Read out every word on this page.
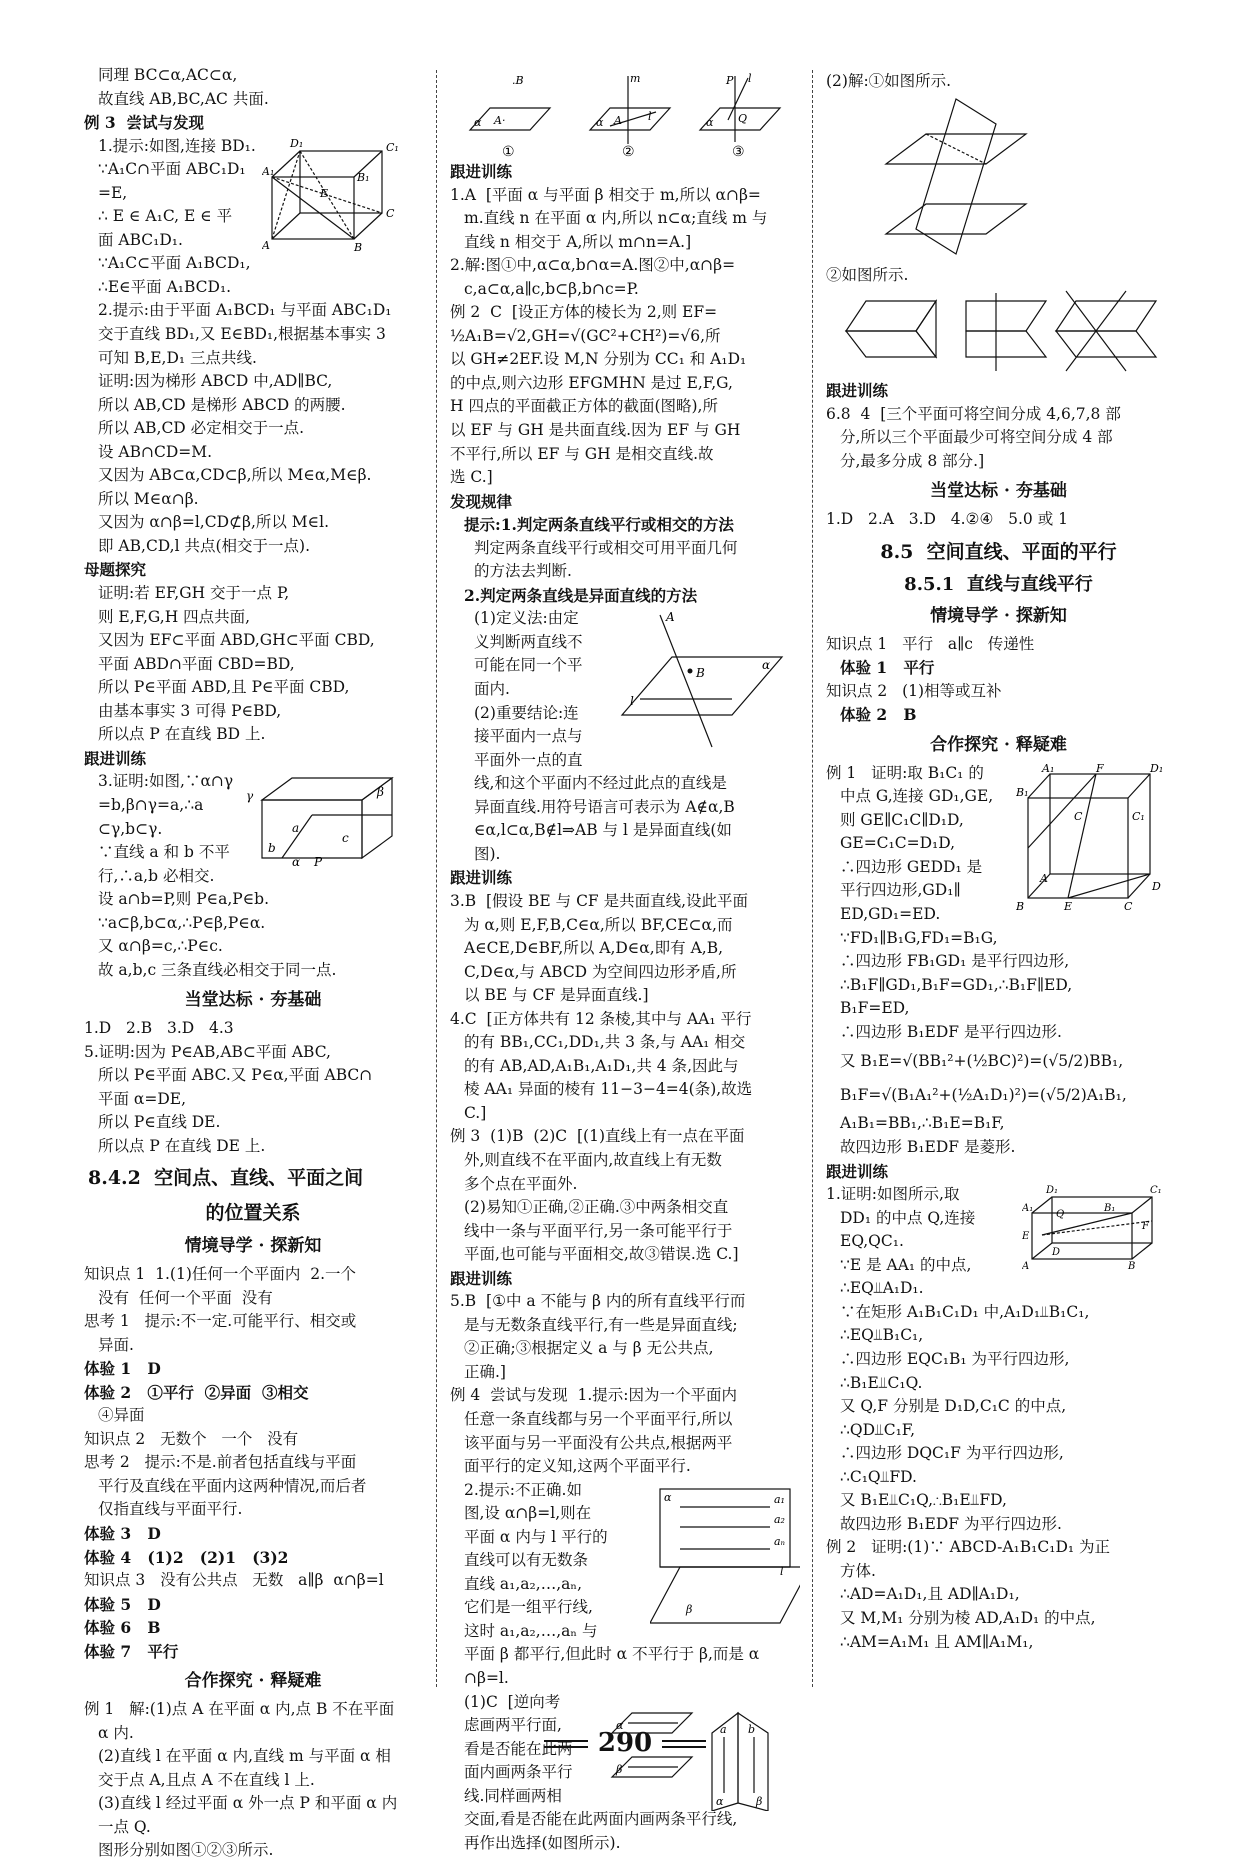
同理 BC⊂α,AC⊂α,

故直线 AB,BC,AC 共面.

例 3  尝试与发现

D₁	C₁
A₁	B₁
E
C
A	B

1.提示:如图,连接 BD₁.

∵A₁C∩平面 ABC₁D₁

=E,

∴ E ∈ A₁C, E ∈ 平

面 ABC₁D₁.

∵A₁C⊂平面 A₁BCD₁,

∴E∈平面 A₁BCD₁.

2.提示:由于平面 A₁BCD₁ 与平面 ABC₁D₁

交于直线 BD₁,又 E∈BD₁,根据基本事实 3

可知 B,E,D₁ 三点共线.

证明:因为梯形 ABCD 中,AD∥BC,

所以 AB,CD 是梯形 ABCD 的两腰.

所以 AB,CD 必定相交于一点.

设 AB∩CD=M.

又因为 AB⊂α,CD⊂β,所以 M∈α,M∈β.

所以 M∈α∩β.

又因为 α∩β=l,CD⊄β,所以 M∈l.

即 AB,CD,l 共点(相交于一点).

母题探究

证明:若 EF,GH 交于一点 P,

则 E,F,G,H 四点共面,

又因为 EF⊂平面 ABD,GH⊂平面 CBD,

平面 ABD∩平面 CBD=BD,

所以 P∈平面 ABD,且 P∈平面 CBD,

由基本事实 3 可得 P∈BD,

所以点 P 在直线 BD 上.

跟进训练

γ	β
a
c
b
α P

3.证明:如图,∵α∩γ

=b,β∩γ=a,∴a

⊂γ,b⊂γ.

∵直线 a 和 b 不平

行,∴a,b 必相交.

设 a∩b=P,则 P∈a,P∈b.

∵a⊂β,b⊂α,∴P∈β,P∈α.

又 α∩β=c,∴P∈c.

故 a,b,c 三条直线必相交于同一点.

当堂达标 · 夯基础

1.D   2.B   3.D   4.3

5.证明:因为 P∈AB,AB⊂平面 ABC,

所以 P∈平面 ABC.又 P∈α,平面 ABC∩

平面 α=DE,

所以 P∈直线 DE.

所以点 P 在直线 DE 上.

8.4.2  空间点、直线、平面之间

的位置关系

情境导学 · 探新知

知识点 1  1.(1)任何一个平面内  2.一个

没有  任何一个平面  没有

思考 1   提示:不一定.可能平行、相交或

异面.

体验 1   D

体验 2   ①平行  ②异面  ③相交

④异面

知识点 2   无数个   一个   没有

思考 2   提示:不是.前者包括直线与平面

平行及直线在平面内这两种情况,而后者

仅指直线与平面平行.

体验 3   D

体验 4   (1)2   (2)1   (3)2

知识点 3   没有公共点   无数   a∥β  α∩β=l

体验 5   D

体验 6   B

体验 7   平行

合作探究 · 释疑难

例 1   解:(1)点 A 在平面 α 内,点 B 不在平面

α 内.

(2)直线 l 在平面 α 内,直线 m 与平面 α 相

交于点 A,且点 A 不在直线 l 上.

(3)直线 l 经过平面 α 外一点 P 和平面 α 内

一点 Q.

图形分别如图①②③所示.

.B
A·
α
m
A l
α
P l
Q
α
①	②	③

跟进训练

1.A  [平面 α 与平面 β 相交于 m,所以 α∩β=

m.直线 n 在平面 α 内,所以 n⊂α;直线 m 与

直线 n 相交于 A,所以 m∩n=A.]

2.解:图①中,α⊂α,b∩α=A.图②中,α∩β=

c,a⊂α,a∥c,b⊂β,b∩c=P.

例 2  C  [设正方体的棱长为 2,则 EF=

½A₁B=√2,GH=√(GC²+CH²)=√6,所

以 GH≠2EF.设 M,N 分别为 CC₁ 和 A₁D₁

的中点,则六边形 EFGMHN 是过 E,F,G,

H 四点的平面截正方体的截面(图略),所

以 EF 与 GH 是共面直线.因为 EF 与 GH

不平行,所以 EF 与 GH 是相交直线.故

选 C.]

发现规律

提示:1.判定两条直线平行或相交的方法

判定两条直线平行或相交可用平面几何

的方法去判断.

2.判定两条直线是异面直线的方法

A
B
α
l

(1)定义法:由定

义判断两直线不

可能在同一个平

面内.

(2)重要结论:连

接平面内一点与

平面外一点的直

线,和这个平面内不经过此点的直线是

异面直线.用符号语言可表示为 A∉α,B

∈α,l⊂α,B∉l⇒AB 与 l 是异面直线(如

图).

跟进训练

3.B  [假设 BE 与 CF 是共面直线,设此平面

为 α,则 E,F,B,C∈α,所以 BF,CE⊂α,而

A∈CE,D∈BF,所以 A,D∈α,即有 A,B,

C,D∈α,与 ABCD 为空间四边形矛盾,所

以 BE 与 CF 是异面直线.]

4.C  [正方体共有 12 条棱,其中与 AA₁ 平行

的有 BB₁,CC₁,DD₁,共 3 条,与 AA₁ 相交

的有 AB,AD,A₁B₁,A₁D₁,共 4 条,因此与

棱 AA₁ 异面的棱有 11−3−4=4(条),故选

C.]

例 3  (1)B  (2)C  [(1)直线上有一点在平面

外,则直线不在平面内,故直线上有无数

多个点在平面外.

(2)易知①正确,②正确.③中两条相交直

线中一条与平面平行,另一条可能平行于

平面,也可能与平面相交,故③错误.选 C.]

跟进训练

5.B  [①中 a 不能与 β 内的所有直线平行而

是与无数条直线平行,有一些是异面直线;

②正确;③根据定义 a 与 β 无公共点,

正确.]

例 4  尝试与发现  1.提示:因为一个平面内

任意一条直线都与另一个平面平行,所以

该平面与另一平面没有公共点,根据两平

面平行的定义知,这两个平面平行.

α	a₁
a₂
aₙ
l
β

2.提示:不正确.如

图,设 α∩β=l,则在

平面 α 内与 l 平行的

直线可以有无数条

直线 a₁,a₂,…,aₙ,

它们是一组平行线,

这时 a₁,a₂,…,aₙ 与

平面 β 都平行,但此时 α 不平行于 β,而是 α

∩β=l.

α
β
a b
α	β

(1)C  [逆向考

虑画两平行面,

看是否能在此两

面内画两条平行

线.同样画两相

交面,看是否能在此两面内画两条平行线,

再作出选择(如图所示).

(2)解:①如图所示.

②如图所示.

跟进训练

6.8  4  [三个平面可将空间分成 4,6,7,8 部

分,所以三个平面最少可将空间分成 4 部

分,最多分成 8 部分.]

当堂达标 · 夯基础

1.D   2.A   3.D   4.②④   5.0 或 1

8.5  空间直线、平面的平行

8.5.1  直线与直线平行

情境导学 · 探新知

知识点 1   平行   a∥c   传递性

体验 1   平行

知识点 2   (1)相等或互补

体验 2   B

合作探究 · 释疑难

A₁	F	D₁
B₁
C	C₁
A
D
B	E	C

例 1   证明:取 B₁C₁ 的

中点 G,连接 GD₁,GE,

则 GE∥C₁C∥D₁D,

GE=C₁C=D₁D,

∴四边形 GEDD₁ 是

平行四边形,GD₁∥

ED,GD₁=ED.

∵FD₁∥B₁G,FD₁=B₁G,

∴四边形 FB₁GD₁ 是平行四边形,

∴B₁F∥GD₁,B₁F=GD₁,∴B₁F∥ED,

B₁F=ED,

∴四边形 B₁EDF 是平行四边形.

又 B₁E=√(BB₁²+(½BC)²)=(√5/2)BB₁,

B₁F=√(B₁A₁²+(½A₁D₁)²)=(√5/2)A₁B₁,

A₁B₁=BB₁,∴B₁E=B₁F,

故四边形 B₁EDF 是菱形.

跟进训练

D₁	C₁
A₁	B₁
Q
F
E
D
A	B

1.证明:如图所示,取

DD₁ 的中点 Q,连接

EQ,QC₁.

∵E 是 AA₁ 的中点,

∴EQ⫫A₁D₁.

∵在矩形 A₁B₁C₁D₁ 中,A₁D₁⫫B₁C₁,

∴EQ⫫B₁C₁,

∴四边形 EQC₁B₁ 为平行四边形,

∴B₁E⫫C₁Q.

又 Q,F 分别是 D₁D,C₁C 的中点,

∴QD⫫C₁F,

∴四边形 DQC₁F 为平行四边形,

∴C₁Q⫫FD.

又 B₁E⫫C₁Q,∴B₁E⫫FD,

故四边形 B₁EDF 为平行四边形.

例 2   证明:(1)∵ ABCD-A₁B₁C₁D₁ 为正

方体.

∴AD=A₁D₁,且 AD∥A₁D₁,

又 M,M₁ 分别为棱 AD,A₁D₁ 的中点,

∴AM=A₁M₁ 且 AM∥A₁M₁,

290
